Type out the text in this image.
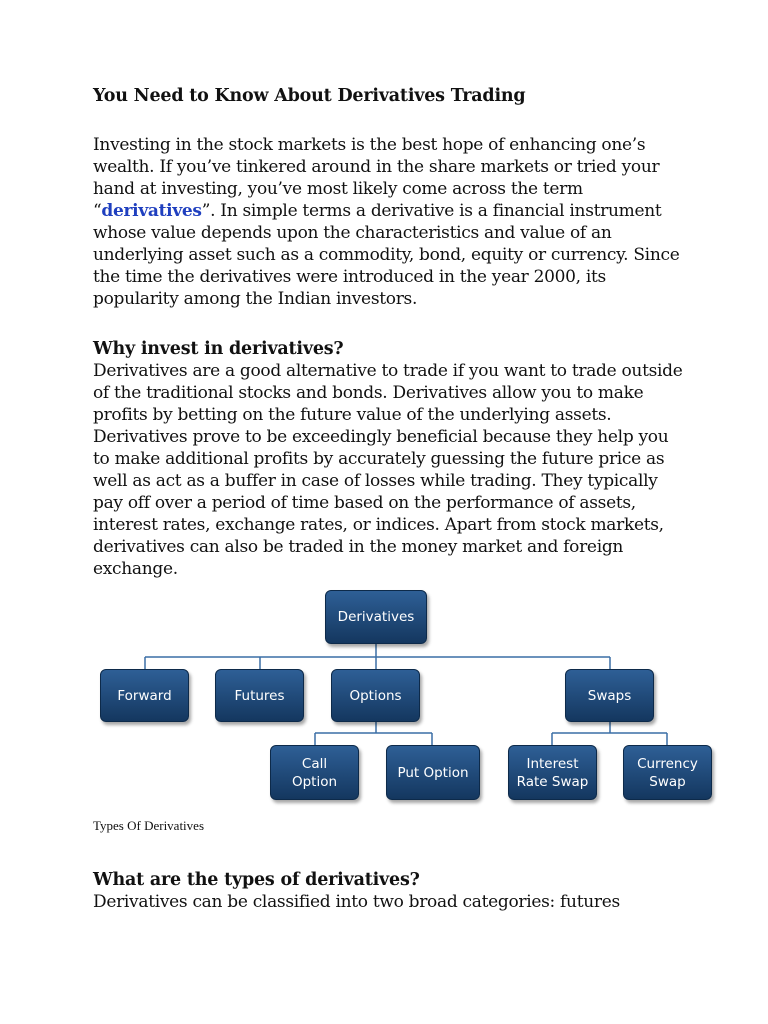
You Need to Know About Derivatives Trading

Investing in the stock markets is the best hope of enhancing one’s wealth. If you’ve tinkered around in the share markets or tried your hand at investing, you’ve most likely come across the term “derivatives”. In simple terms a derivative is a financial instrument whose value depends upon the characteristics and value of an underlying asset such as a commodity, bond, equity or currency. Since the time the derivatives were introduced in the year 2000, its popularity among the Indian investors.

Why invest in derivatives?

Derivatives are a good alternative to trade if you want to trade outside of the traditional stocks and bonds. Derivatives allow you to make profits by betting on the future value of the underlying assets. Derivatives prove to be exceedingly beneficial because they help you to make additional profits by accurately guessing the future price as well as act as a buffer in case of losses while trading. They typically pay off over a period of time based on the performance of assets, interest rates, exchange rates, or indices. Apart from stock markets, derivatives can also be traded in the money market and foreign exchange.

Derivatives
Forward	Futures	Options	Swaps
Call
Option
Put Option
Interest
Rate Swap
Currency
Swap
Types Of Derivatives
What are the types of derivatives?

Derivatives can be classified into two broad categories: futures
